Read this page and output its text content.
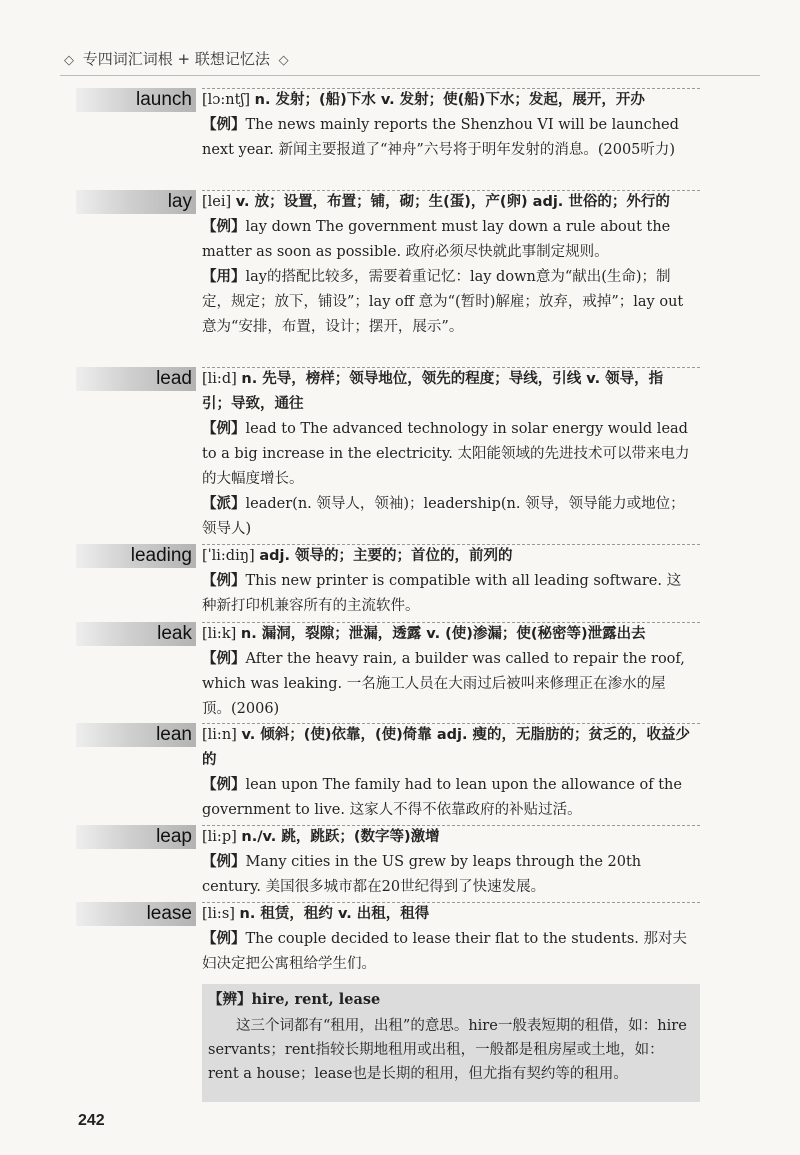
◇ 专四词汇词根 + 联想记忆法 ◇
launch [lɔ:ntʃ] n. 发射；(船)下水 v. 发射；使(船)下水；发起，展开，开办

【例】The news mainly reports the Shenzhou VI will be launched next year. 新闻主要报道了“神舟”六号将于明年发射的消息。(2005听力)

lay [lei] v. 放；设置，布置；铺，砌；生(蛋)，产(卵) adj. 世俗的；外行的

【例】lay down The government must lay down a rule about the matter as soon as possible. 政府必须尽快就此事制定规则。

【用】lay的搭配比较多，需要着重记忆：lay down意为“献出(生命)；制定，规定；放下，铺设”；lay off 意为“(暂时)解雇；放弃，戒掉”；lay out意为“安排，布置，设计；摆开，展示”。

lead [li:d] n. 先导，榜样；领导地位，领先的程度；导线，引线 v. 领导，指引；导致，通往

【例】lead to The advanced technology in solar energy would lead to a big increase in the electricity. 太阳能领域的先进技术可以带来电力的大幅度增长。

【派】leader(n. 领导人，领袖)；leadership(n. 领导，领导能力或地位；领导人)

leading [ˈli:diŋ] adj. 领导的；主要的；首位的，前列的

【例】This new printer is compatible with all leading software. 这种新打印机兼容所有的主流软件。

leak [li:k] n. 漏洞，裂隙；泄漏，透露 v. (使)渗漏；使(秘密等)泄露出去

【例】After the heavy rain, a builder was called to repair the roof, which was leaking. 一名施工人员在大雨过后被叫来修理正在渗水的屋顶。(2006)

lean [li:n] v. 倾斜；(使)依靠，(使)倚靠 adj. 瘦的，无脂肪的；贫乏的，收益少的

【例】lean upon The family had to lean upon the allowance of the government to live. 这家人不得不依靠政府的补贴过活。

leap [li:p] n./v. 跳，跳跃；(数字等)激增

【例】Many cities in the US grew by leaps through the 20th century. 美国很多城市都在20世纪得到了快速发展。

lease [li:s] n. 租赁，租约 v. 出租，租得

【例】The couple decided to lease their flat to the students. 那对夫妇决定把公寓租给学生们。

【辨】hire, rent, lease
这三个词都有“租用，出租”的意思。hire一般表短期的租借，如：hire servants；rent指较长期地租用或出租，一般都是租房屋或土地，如：rent a house；lease也是长期的租用，但尤指有契约等的租用。
242
